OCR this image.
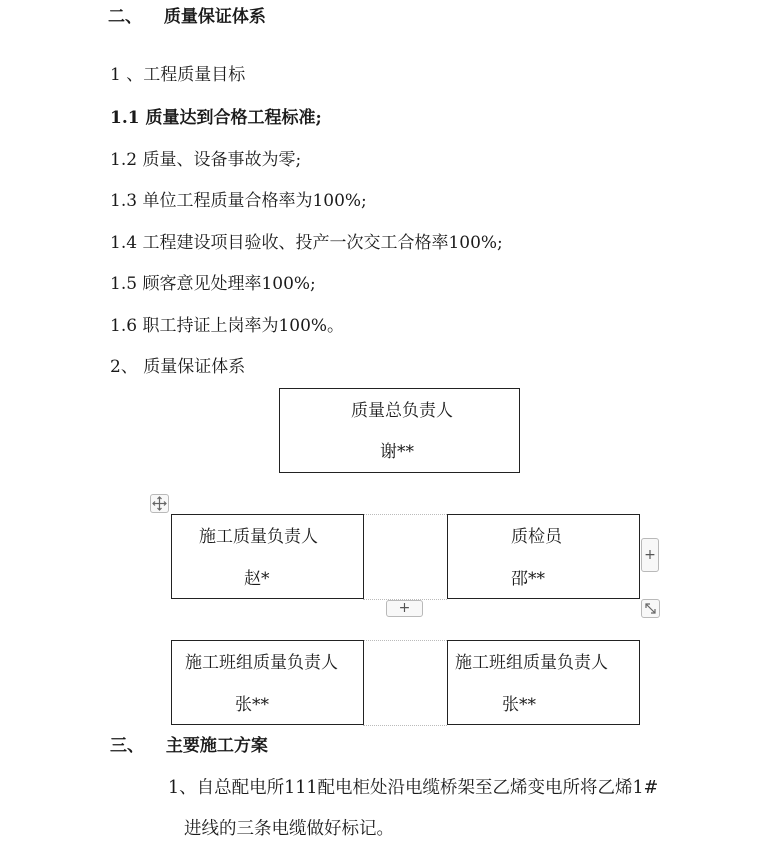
二、 质量保证体系
1 、工程质量目标
1.1 质量达到合格工程标准;
1.2 质量、设备事故为零;
1.3 单位工程质量合格率为100%;
1.4 工程建设项目验收、投产一次交工合格率100%;
1.5 顾客意见处理率100%;
1.6 职工持证上岗率为100%。
2、 质量保证体系
质量总负责人
谢**
施工质量负责人
赵*
质检员
邵**
+
+
施工班组质量负责人
张**
施工班组质量负责人
张**
三、 主要施工方案
1、自总配电所111配电柜处沿电缆桥架至乙烯变电所将乙烯1#
进线的三条电缆做好标记。
